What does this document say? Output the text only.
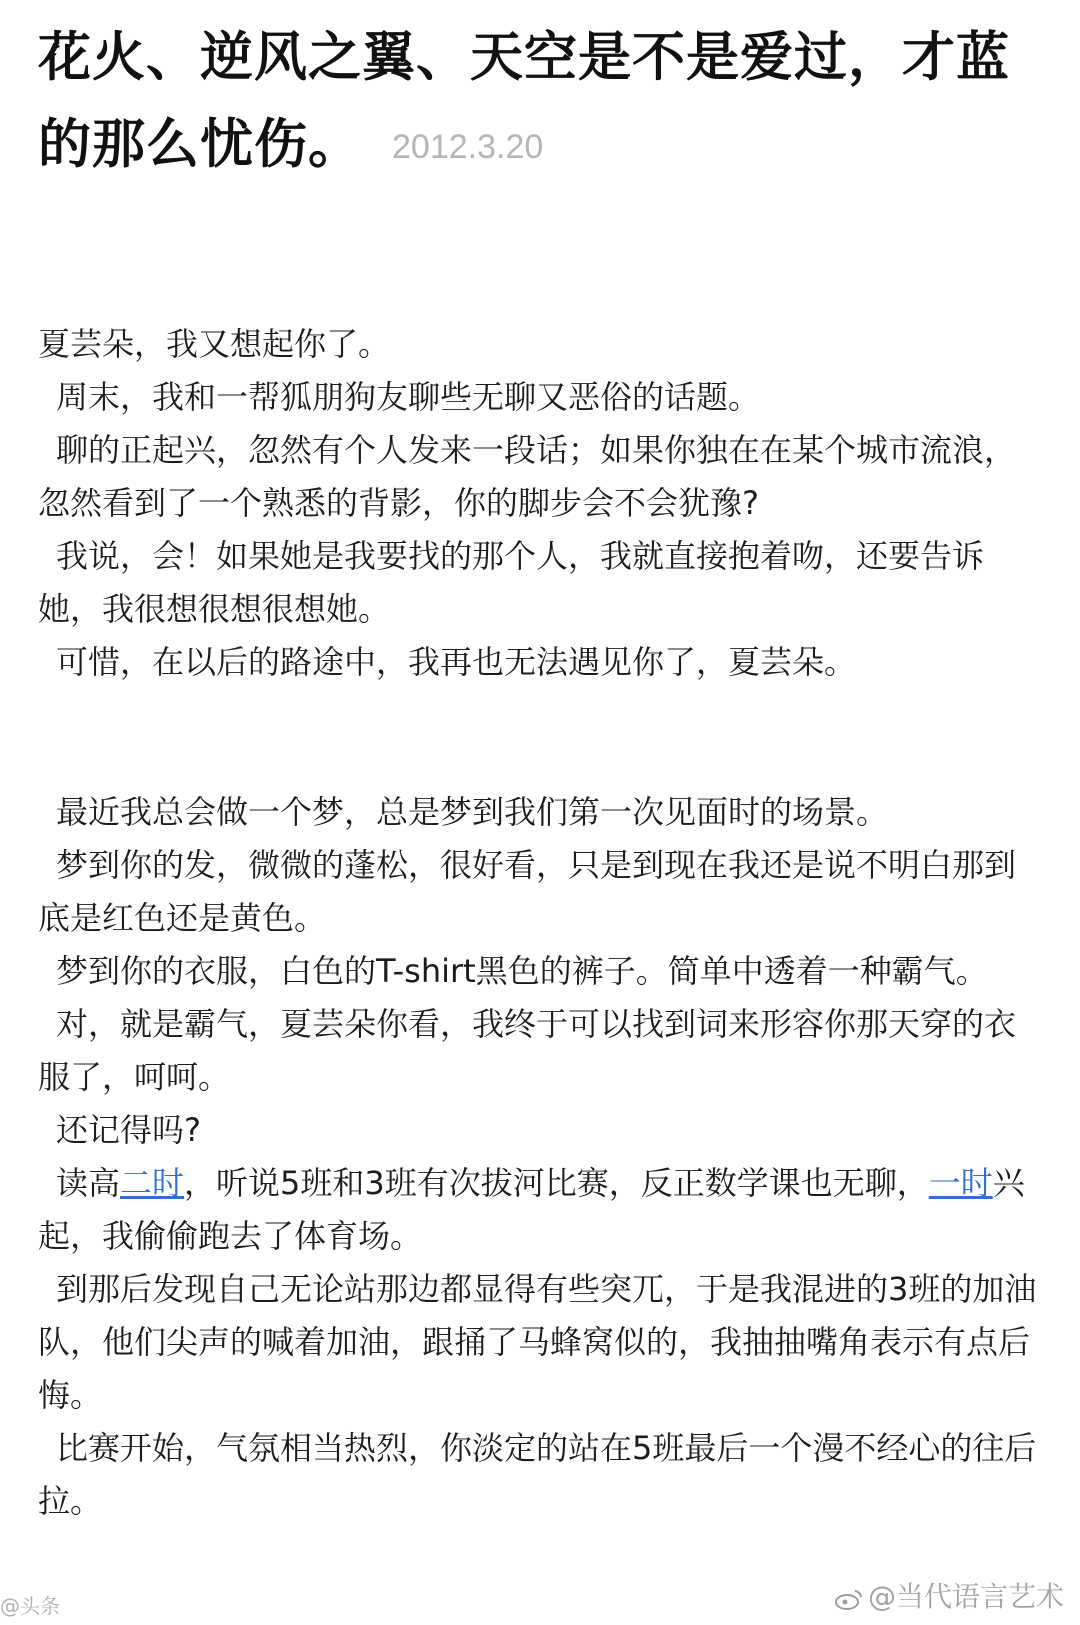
花火、逆风之翼、天空是不是爱过，才蓝的那么忧伤。 2012.3.20

夏芸朵，我又想起你了。

周末，我和一帮狐朋狗友聊些无聊又恶俗的话题。

聊的正起兴，忽然有个人发来一段话；如果你独在在某个城市流浪，忽然看到了一个熟悉的背影，你的脚步会不会犹豫?

我说，会！如果她是我要找的那个人，我就直接抱着吻，还要告诉她，我很想很想很想她。

可惜，在以后的路途中，我再也无法遇见你了，夏芸朵。

最近我总会做一个梦，总是梦到我们第一次见面时的场景。

梦到你的发，微微的蓬松，很好看，只是到现在我还是说不明白那到底是红色还是黄色。

梦到你的衣服，白色的T-shirt黑色的裤子。简单中透着一种霸气。

对，就是霸气，夏芸朵你看，我终于可以找到词来形容你那天穿的衣服了，呵呵。

还记得吗?

读高二时，听说5班和3班有次拔河比赛，反正数学课也无聊，一时兴起，我偷偷跑去了体育场。

到那后发现自己无论站那边都显得有些突兀，于是我混进的3班的加油队，他们尖声的喊着加油，跟捅了马蜂窝似的，我抽抽嘴角表示有点后悔。

比赛开始，气氛相当热烈，你淡定的站在5班最后一个漫不经心的往后拉。

@头条	@当代语言艺术
